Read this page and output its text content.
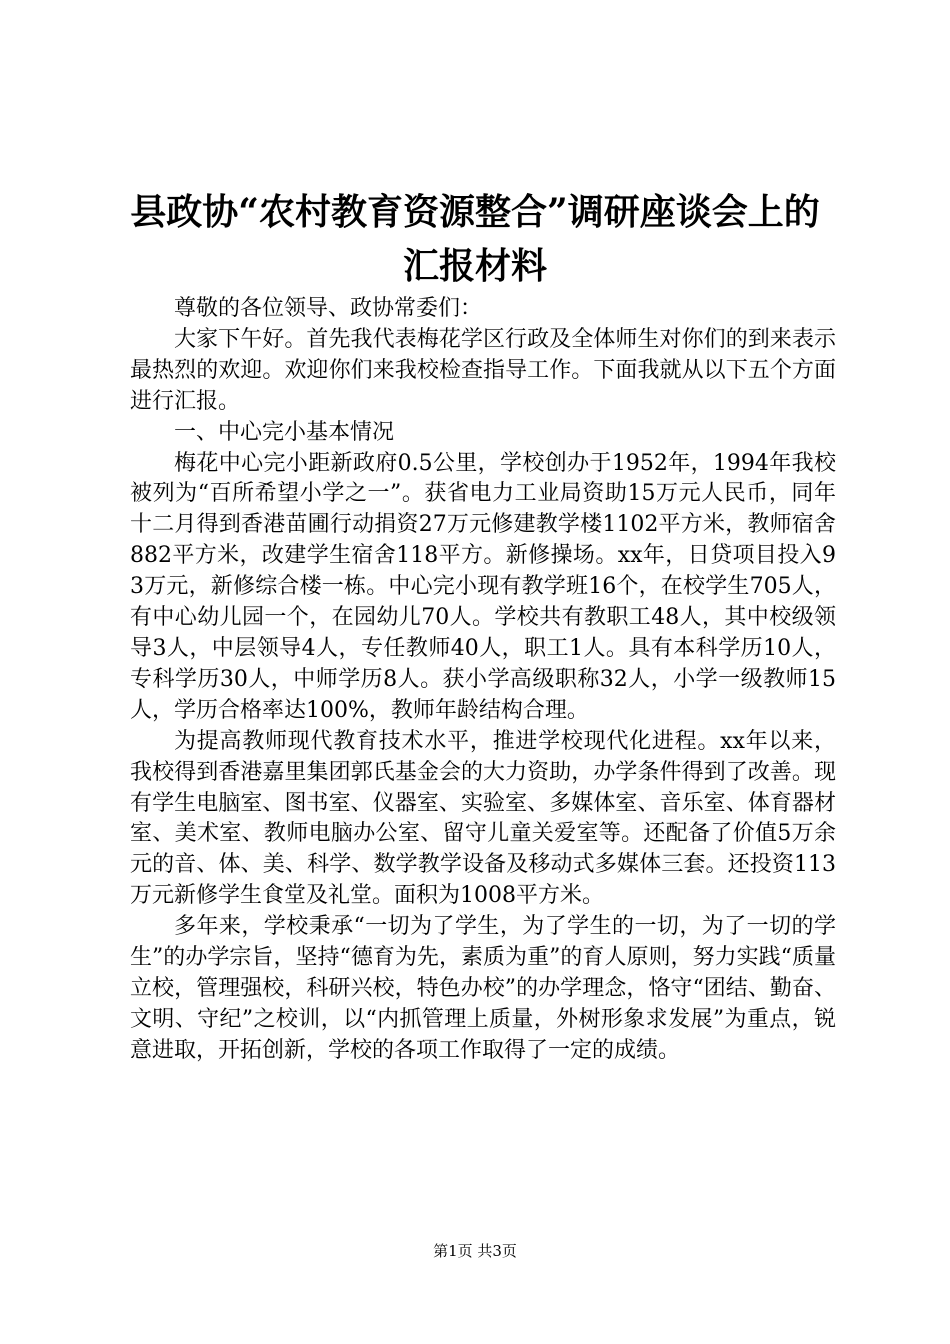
县政协“农村教育资源整合”调研座谈会上的
汇报材料

尊敬的各位领导、政协常委们：

大家下午好。首先我代表梅花学区行政及全体师生对你们的到来表示最热烈的欢迎。欢迎你们来我校检查指导工作。下面我就从以下五个方面进行汇报。

一、中心完小基本情况

梅花中心完小距新政府0.5公里，学校创办于1952年，1994年我校被列为“百所希望小学之一”。获省电力工业局资助15万元人民币，同年十二月得到香港苗圃行动捐资27万元修建教学楼1102平方米，教师宿舍882平方米，改建学生宿舍118平方。新修操场。xx年，日贷项目投入93万元，新修综合楼一栋。中心完小现有教学班16个，在校学生705人，有中心幼儿园一个，在园幼儿70人。学校共有教职工48人，其中校级领导3人，中层领导4人，专任教师40人，职工1人。具有本科学历10人，专科学历30人，中师学历8人。获小学高级职称32人，小学一级教师15人，学历合格率达100%，教师年龄结构合理。

为提高教师现代教育技术水平，推进学校现代化进程。xx年以来，我校得到香港嘉里集团郭氏基金会的大力资助，办学条件得到了改善。现有学生电脑室、图书室、仪器室、实验室、多媒体室、音乐室、体育器材室、美术室、教师电脑办公室、留守儿童关爱室等。还配备了价值5万余元的音、体、美、科学、数学教学设备及移动式多媒体三套。还投资113万元新修学生食堂及礼堂。面积为1008平方米。

多年来，学校秉承“一切为了学生，为了学生的一切，为了一切的学生”的办学宗旨，坚持“德育为先，素质为重”的育人原则，努力实践“质量立校，管理强校，科研兴校，特色办校”的办学理念，恪守“团结、勤奋、文明、守纪”之校训，以“内抓管理上质量，外树形象求发展”为重点，锐意进取，开拓创新，学校的各项工作取得了一定的成绩。

第1页 共3页
